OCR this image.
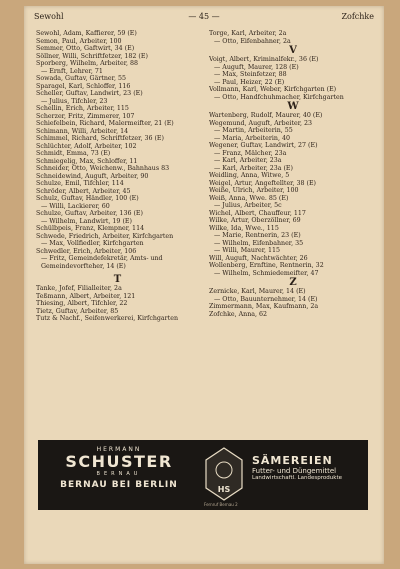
Sewohl	— 45 —	Zofchke
Sewohl, Adam, Kaffierer, 59 (E)
Semon, Paul, Arbeiter, 100
Semmer, Otto, Gaftwirt, 34 (E)
Söllner, Willi, Schriftfetzer, 182 (E)
Sporberg, Wilhelm, Arbeiter, 88
— Ernft, Lehrer, 71
Sowada, Guftav, Gärtner, 55
Sparagel, Karl, Schloffer, 116
Scheller, Guftav, Landwirt, 23 (E)
— Julius, Tifchler, 23
Schellin, Erich, Arbeiter, 115
Scherzer, Fritz, Zimmerer, 107
Schiefelbein, Richard, Malermeifter, 21 (E)
Schimann, Willi, Arbeiter, 14
Schimmel, Richard, Schriftfetzer, 36 (E)
Schlüchter, Adolf, Arbeiter, 102
Schmidt, Emma, 73 (E)
Schmiegelig, Max, Schloffer, 11
Schneider, Otto, Weichenw., Bahnhaus 83
Schneidewind, Auguft, Arbeiter, 90
Schulze, Emil, Tifchler, 114
Schröder, Albert, Arbeiter, 45
Schulz, Guftav, Händler, 100 (E)
— Willi, Lackierer, 60
Schulze, Guftav, Arbeiter, 136 (E)
— Wilhelm, Landwirt, 19 (E)
Schülbpeis, Franz, Klempner, 114
Schwede, Friedrich, Arbeiter, Kirfchgarten
— Max, Vollfiedler, Kirfchgarten
Schwedler, Erich, Arbeiter, 106
— Fritz, Gemeindefekretär, Amts- und
Gemeindevorfteher, 14 (E)
T
Tanke, Jofef, Filialleiter, 2a
Teßmann, Albert, Arbeiter, 121
Thiesing, Albert, Tifchler, 22
Tietz, Guftav, Arbeiter, 85
Tutz & Nachf., Seifenwerkerei, Kirfchgarten
Torge, Karl, Arbeiter, 2a
— Otto, Eifenbahner, 2a
V
Voigt, Albert, Kriminalfekr., 36 (E)
— Auguft, Maurer, 128 (E)
— Max, Steinfetzer, 88
— Paul, Heizer, 22 (E)
Vollmann, Karl, Weber, Kirfchgarten (E)
— Otto, Handfchuhmacher, Kirfchgarten
W
Wartenberg, Rudolf, Maurer, 40 (E)
Wegemund, Auguft, Arbeiter, 23
— Martin, Arbeiterin, 55
— Maria, Arbeiterin, 40
Wegener, Guftav, Landwirt, 27 (E)
— Franz, Mälcher, 23a
— Karl, Arbeiter, 23a
— Karl, Arbeiter, 23a (E)
Weidling, Anna, Witwe, 5
Weigel, Artur, Angeftellter, 38 (E)
Weiße, Ulrich, Arbeiter, 100
Weiß, Anna, Wwe. 85 (E)
— Julius, Arbeiter, 5c
Wichel, Albert, Chauffeur, 117
Wilke, Artur, Oberzöllner, 69
Wilke, Ida, Wwe., 115
— Marie, Rentnerin, 23 (E)
— Wilhelm, Eifenbahner, 35
— Willi, Maurer, 115
Will, Auguft, Nachtwächter, 26
Wollenberg, Ernftine, Rentnerin, 32
— Wilhelm, Schmiedemeifter, 47
Z
Zernicke, Karl, Maurer, 14 (E)
— Otto, Bauunternehmer, 14 (E)
Zimmermann, Max, Kaufmann, 2a
Zofchke, Anna, 62
HERMANN
SCHUSTER
BERNAU
BERNAU BEI BERLIN	HS
SÄMEREIEN
Futter- und Düngemittel
Landwirtschaftl. Landesprodukte
Fernruf Bernau 2
